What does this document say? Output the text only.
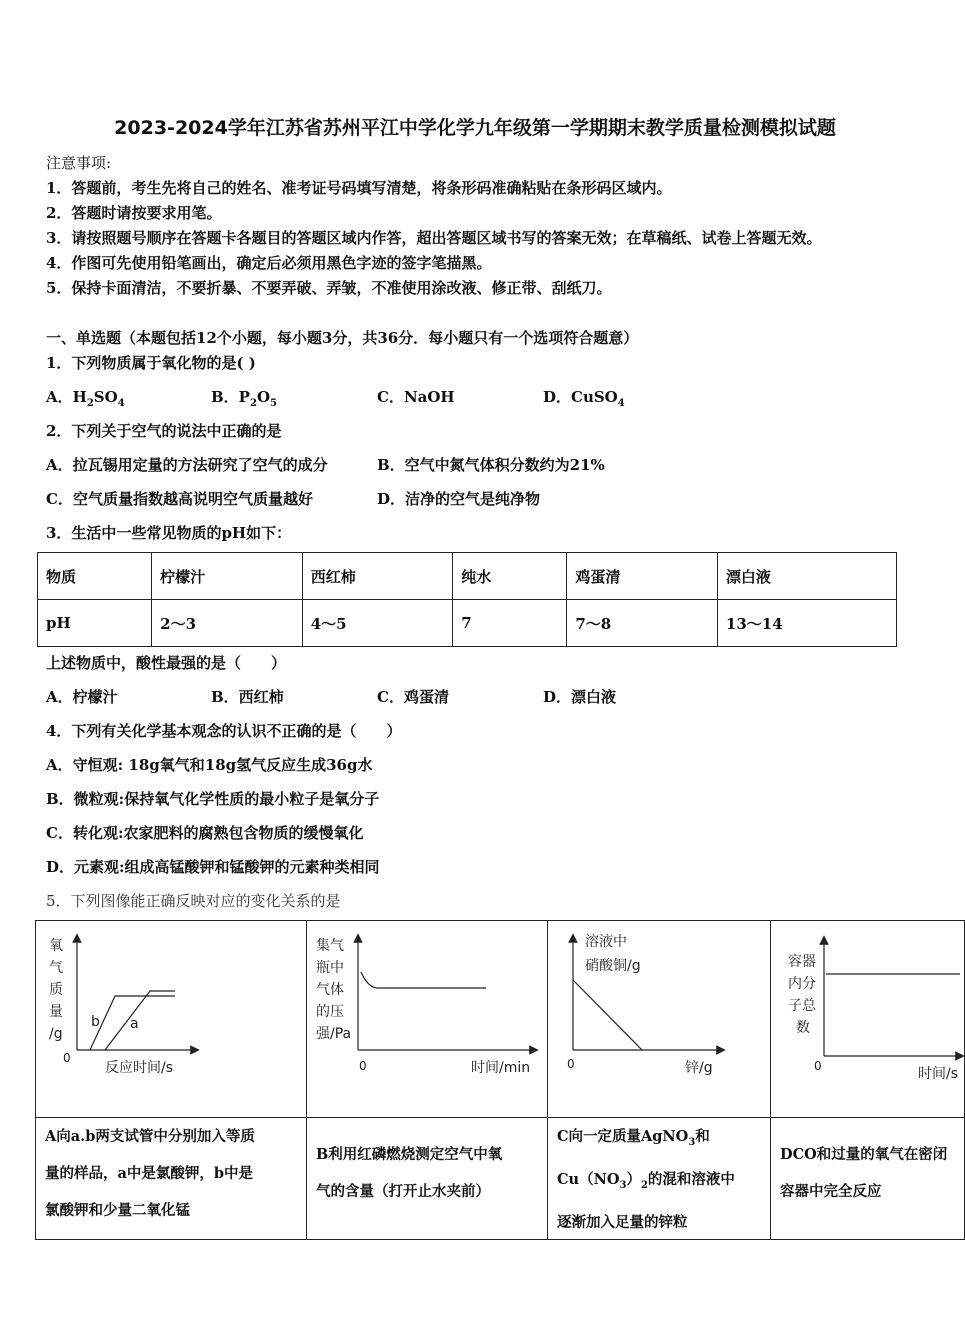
2023-2024学年江苏省苏州平江中学化学九年级第一学期期末教学质量检测模拟试题
注意事项:
1．答题前，考生先将自己的姓名、准考证号码填写清楚，将条形码准确粘贴在条形码区域内。
2．答题时请按要求用笔。
3．请按照题号顺序在答题卡各题目的答题区域内作答，超出答题区域书写的答案无效；在草稿纸、试卷上答题无效。
4．作图可先使用铅笔画出，确定后必须用黑色字迹的签字笔描黑。
5．保持卡面清洁，不要折暴、不要弄破、弄皱，不准使用涂改液、修正带、刮纸刀。
一、单选题（本题包括12个小题，每小题3分，共36分．每小题只有一个选项符合题意）
1．下列物质属于氧化物的是( )
A．$H_2SO_4$	B．$P_2O_5$	C．NaOH	D．CuSO$_4$
2．下列关于空气的说法中正确的是
A．拉瓦锡用定量的方法研究了空气的成分	B．空气中氮气体积分数约为21%
C．空气质量指数越高说明空气质量越好	D．洁净的空气是纯净物
3．生活中一些常见物质的pH如下：
物质	柠檬汁	西红柿	纯水	鸡蛋清	漂白液
pH	2～3	4～5	7	7～8	13～14
上述物质中，酸性最强的是（　　）
A．柠檬汁	B．西红柿	C．鸡蛋清	D．漂白液
4．下列有关化学基本观念的认识不正确的是（　　）
A．守恒观: 18g氧气和18g氢气反应生成36g水
B．微粒观:保持氧气化学性质的最小粒子是氧分子
C．转化观:农家肥料的腐熟包含物质的缓慢氧化
D．元素观:组成高锰酸钾和锰酸钾的元素种类相同
5．下列图像能正确反映对应的变化关系的是
氧
气
质
量
/g
0
反应时间/s
b a
集气
瓶中
气体
的压
强/Pa
0	时间/min
溶液中
硝酸铜/g
0	锌/g
容器
内分
子总
数
0	时间/s
A向a.b两支试管中分别加入等质
量的样品，a中是氯酸钾，b中是
氯酸钾和少量二氧化锰
B利用红磷燃烧测定空气中氧
气的含量（打开止水夹前）
C向一定质量AgNO$_3$和
$Cu(NO_3)_2$的混和溶液中
逐渐加入足量的锌粒
DCO和过量的氧气在密闭
容器中完全反应
